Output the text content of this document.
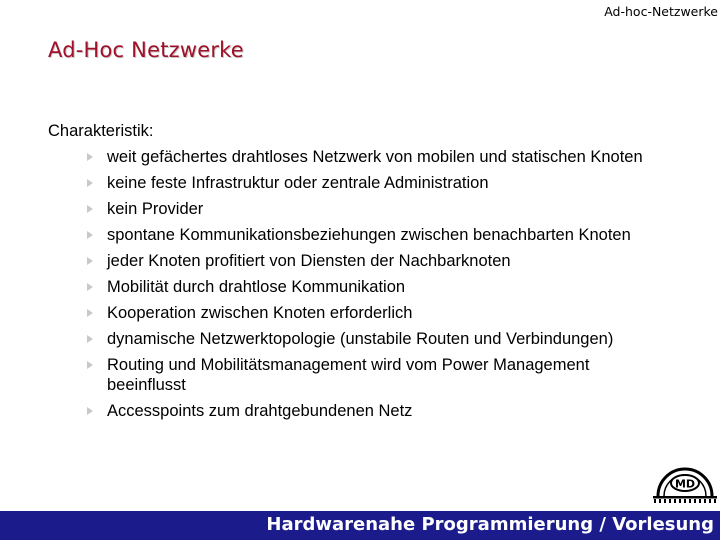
Ad-hoc-Netzwerke
Ad-Hoc Netzwerke

Charakteristik:

weit gefächertes drahtloses Netzwerk von mobilen und statischen Knoten
keine feste Infrastruktur oder zentrale Administration
kein Provider
spontane Kommunikationsbeziehungen zwischen benachbarten Knoten
jeder Knoten profitiert von Diensten der Nachbarknoten
Mobilität durch drahtlose Kommunikation
Kooperation zwischen Knoten erforderlich
dynamische Netzwerktopologie (unstabile Routen und Verbindungen)
Routing und Mobilitätsmanagement wird vom Power Management beeinflusst
Accesspoints zum drahtgebundenen Netz
MD
Hardwarenahe Programmierung / Vorlesung
